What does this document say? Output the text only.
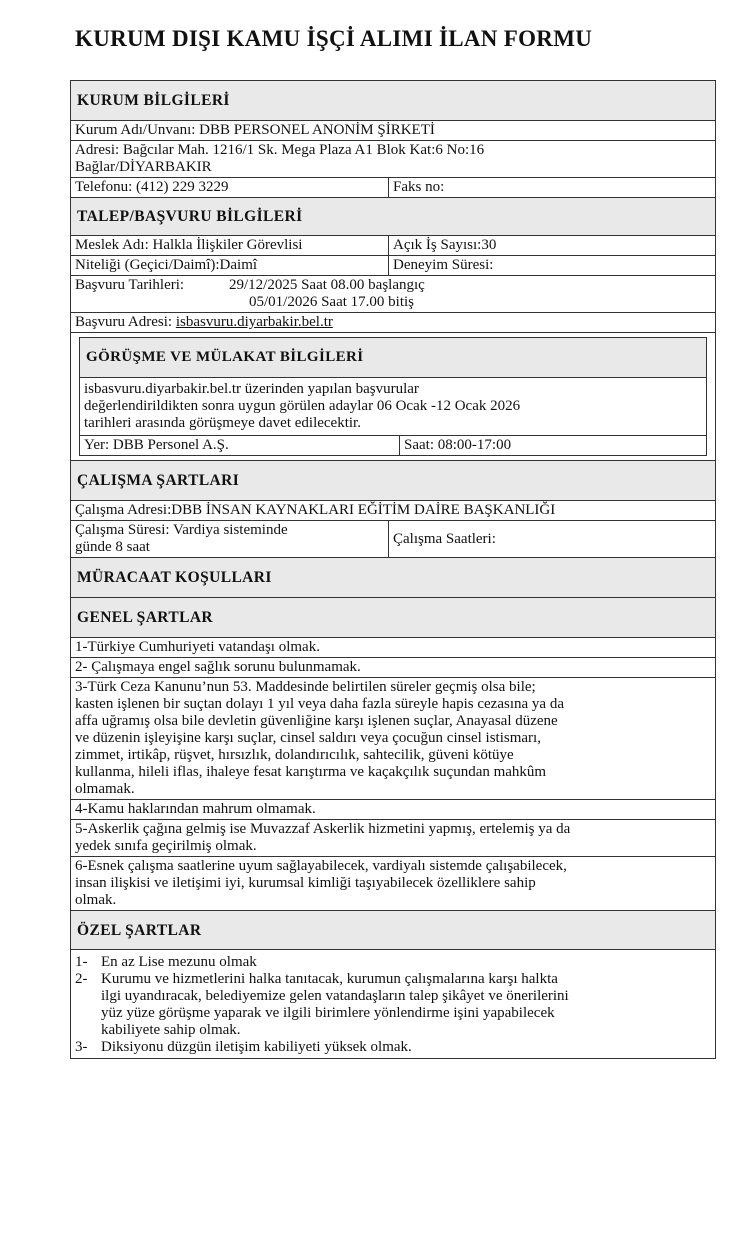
KURUM DIŞI KAMU İŞÇİ ALIMI İLAN FORMU
KURUM BİLGİLERİ
Kurum Adı/Unvanı: DBB PERSONEL ANONİM ŞİRKETİ
Adresi: Bağcılar Mah. 1216/1 Sk. Mega Plaza A1 Blok Kat:6 No:16
Bağlar/DİYARBAKIR
Telefonu: (412) 229 3229	Faks no:
TALEP/BAŞVURU BİLGİLERİ
Meslek Adı: Halkla İlişkiler Görevlisi	Açık İş Sayısı:30
Niteliği (Geçici/Daimî):Daimî	Deneyim Süresi:
Başvuru Tarihleri:	29/12/2025 Saat 08.00 başlangıç
05/01/2026 Saat 17.00 bitiş
Başvuru Adresi: isbasvuru.diyarbakir.bel.tr
GÖRÜŞME VE MÜLAKAT BİLGİLERİ
isbasvuru.diyarbakir.bel.tr üzerinden yapılan başvurular
değerlendirildikten sonra uygun görülen adaylar 06 Ocak -12 Ocak 2026
tarihleri arasında görüşmeye davet edilecektir.
Yer: DBB Personel A.Ş.	Saat: 08:00-17:00
ÇALIŞMA ŞARTLARI
Çalışma Adresi:DBB İNSAN KAYNAKLARI EĞİTİM DAİRE BAŞKANLIĞI
Çalışma Süresi: Vardiya sisteminde
günde 8 saat
Çalışma Saatleri:
MÜRACAAT KOŞULLARI
GENEL ŞARTLAR
1-Türkiye Cumhuriyeti vatandaşı olmak.
2- Çalışmaya engel sağlık sorunu bulunmamak.
3-Türk Ceza Kanunu’nun 53. Maddesinde belirtilen süreler geçmiş olsa bile;
kasten işlenen bir suçtan dolayı 1 yıl veya daha fazla süreyle hapis cezasına ya da
affa uğramış olsa bile devletin güvenliğine karşı işlenen suçlar, Anayasal düzene
ve düzenin işleyişine karşı suçlar, cinsel saldırı veya çocuğun cinsel istismarı,
zimmet, irtikâp, rüşvet, hırsızlık, dolandırıcılık, sahtecilik, güveni kötüye
kullanma, hileli iflas, ihaleye fesat karıştırma ve kaçakçılık suçundan mahkûm
olmamak.
4-Kamu haklarından mahrum olmamak.
5-Askerlik çağına gelmiş ise Muvazzaf Askerlik hizmetini yapmış, ertelemiş ya da
yedek sınıfa geçirilmiş olmak.
6-Esnek çalışma saatlerine uyum sağlayabilecek, vardiyalı sistemde çalışabilecek,
insan ilişkisi ve iletişimi iyi, kurumsal kimliği taşıyabilecek özelliklere sahip
olmak.
ÖZEL ŞARTLAR
1- En az Lise mezunu olmak
2- Kurumu ve hizmetlerini halka tanıtacak, kurumun çalışmalarına karşı halkta
ilgi uyandıracak, belediyemize gelen vatandaşların talep şikâyet ve önerilerini
yüz yüze görüşme yaparak ve ilgili birimlere yönlendirme işini yapabilecek
kabiliyete sahip olmak.
3- Diksiyonu düzgün iletişim kabiliyeti yüksek olmak.
